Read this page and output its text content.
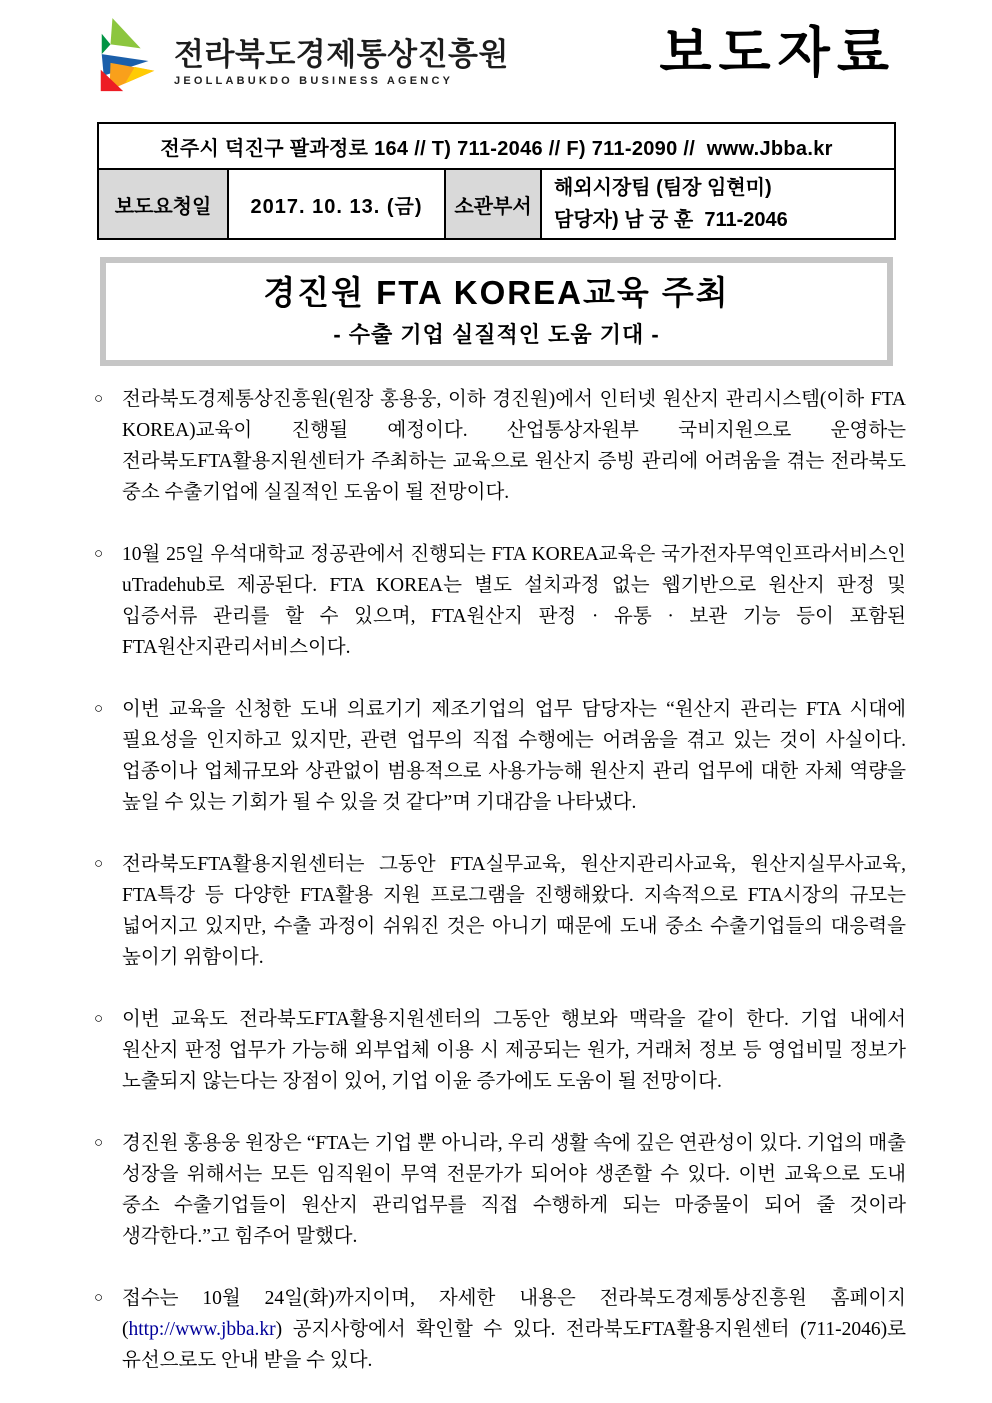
전라북도경제통상진흥원
JEOLLABUKDO BUSINESS AGENCY	보도자료
전주시 덕진구 팔과정로 164 // T) 711-2046 // F) 711-2090 //  www.Jbba.kr
보도요청일	2017. 10. 13. (금)	소관부서	해외시장팀 (팀장 임현미)
담당자) 남 궁 훈  711-2046
경진원 FTA KOREA교육 주최
- 수출 기업 실질적인 도움 기대 -
○ 전라북도경제통상진흥원(원장 홍용웅, 이하 경진원)에서 인터넷 원산지 관리시스템(이하 FTA KOREA)교육이 진행될 예정이다. 산업통상자원부 국비지원으로 운영하는 전라북도FTA활용지원센터가 주최하는 교육으로 원산지 증빙 관리에 어려움을 겪는 전라북도 중소 수출기업에 실질적인 도움이 될 전망이다.
○ 10월 25일 우석대학교 정공관에서 진행되는 FTA KOREA교육은 국가전자무역인프라서비스인 uTradehub로 제공된다. FTA KOREA는 별도 설치과정 없는 웹기반으로 원산지 판정 및 입증서류 관리를 할 수 있으며, FTA원산지 판정 · 유통 · 보관 기능 등이 포함된 FTA원산지관리서비스이다.
○ 이번 교육을 신청한 도내 의료기기 제조기업의 업무 담당자는 “원산지 관리는 FTA 시대에 필요성을 인지하고 있지만, 관련 업무의 직접 수행에는 어려움을 겪고 있는 것이 사실이다. 업종이나 업체규모와 상관없이 범용적으로 사용가능해 원산지 관리 업무에 대한 자체 역량을 높일 수 있는 기회가 될 수 있을 것 같다”며 기대감을 나타냈다.
○ 전라북도FTA활용지원센터는 그동안 FTA실무교육, 원산지관리사교육, 원산지실무사교육, FTA특강 등 다양한 FTA활용 지원 프로그램을 진행해왔다. 지속적으로 FTA시장의 규모는 넓어지고 있지만, 수출 과정이 쉬워진 것은 아니기 때문에 도내 중소 수출기업들의 대응력을 높이기 위함이다.
○ 이번 교육도 전라북도FTA활용지원센터의 그동안 행보와 맥락을 같이 한다. 기업 내에서 원산지 판정 업무가 가능해 외부업체 이용 시 제공되는 원가, 거래처 정보 등 영업비밀 정보가 노출되지 않는다는 장점이 있어, 기업 이윤 증가에도 도움이 될 전망이다.
○ 경진원 홍용웅 원장은 “FTA는 기업 뿐 아니라, 우리 생활 속에 깊은 연관성이 있다. 기업의 매출 성장을 위해서는 모든 임직원이 무역 전문가가 되어야 생존할 수 있다. 이번 교육으로 도내 중소 수출기업들이 원산지 관리업무를 직접 수행하게 되는 마중물이 되어 줄 것이라 생각한다.”고 힘주어 말했다.
○ 접수는 10월 24일(화)까지이며, 자세한 내용은 전라북도경제통상진흥원 홈페이지 (http://www.jbba.kr) 공지사항에서 확인할 수 있다. 전라북도FTA활용지원센터 (711-2046)로 유선으로도 안내 받을 수 있다.
